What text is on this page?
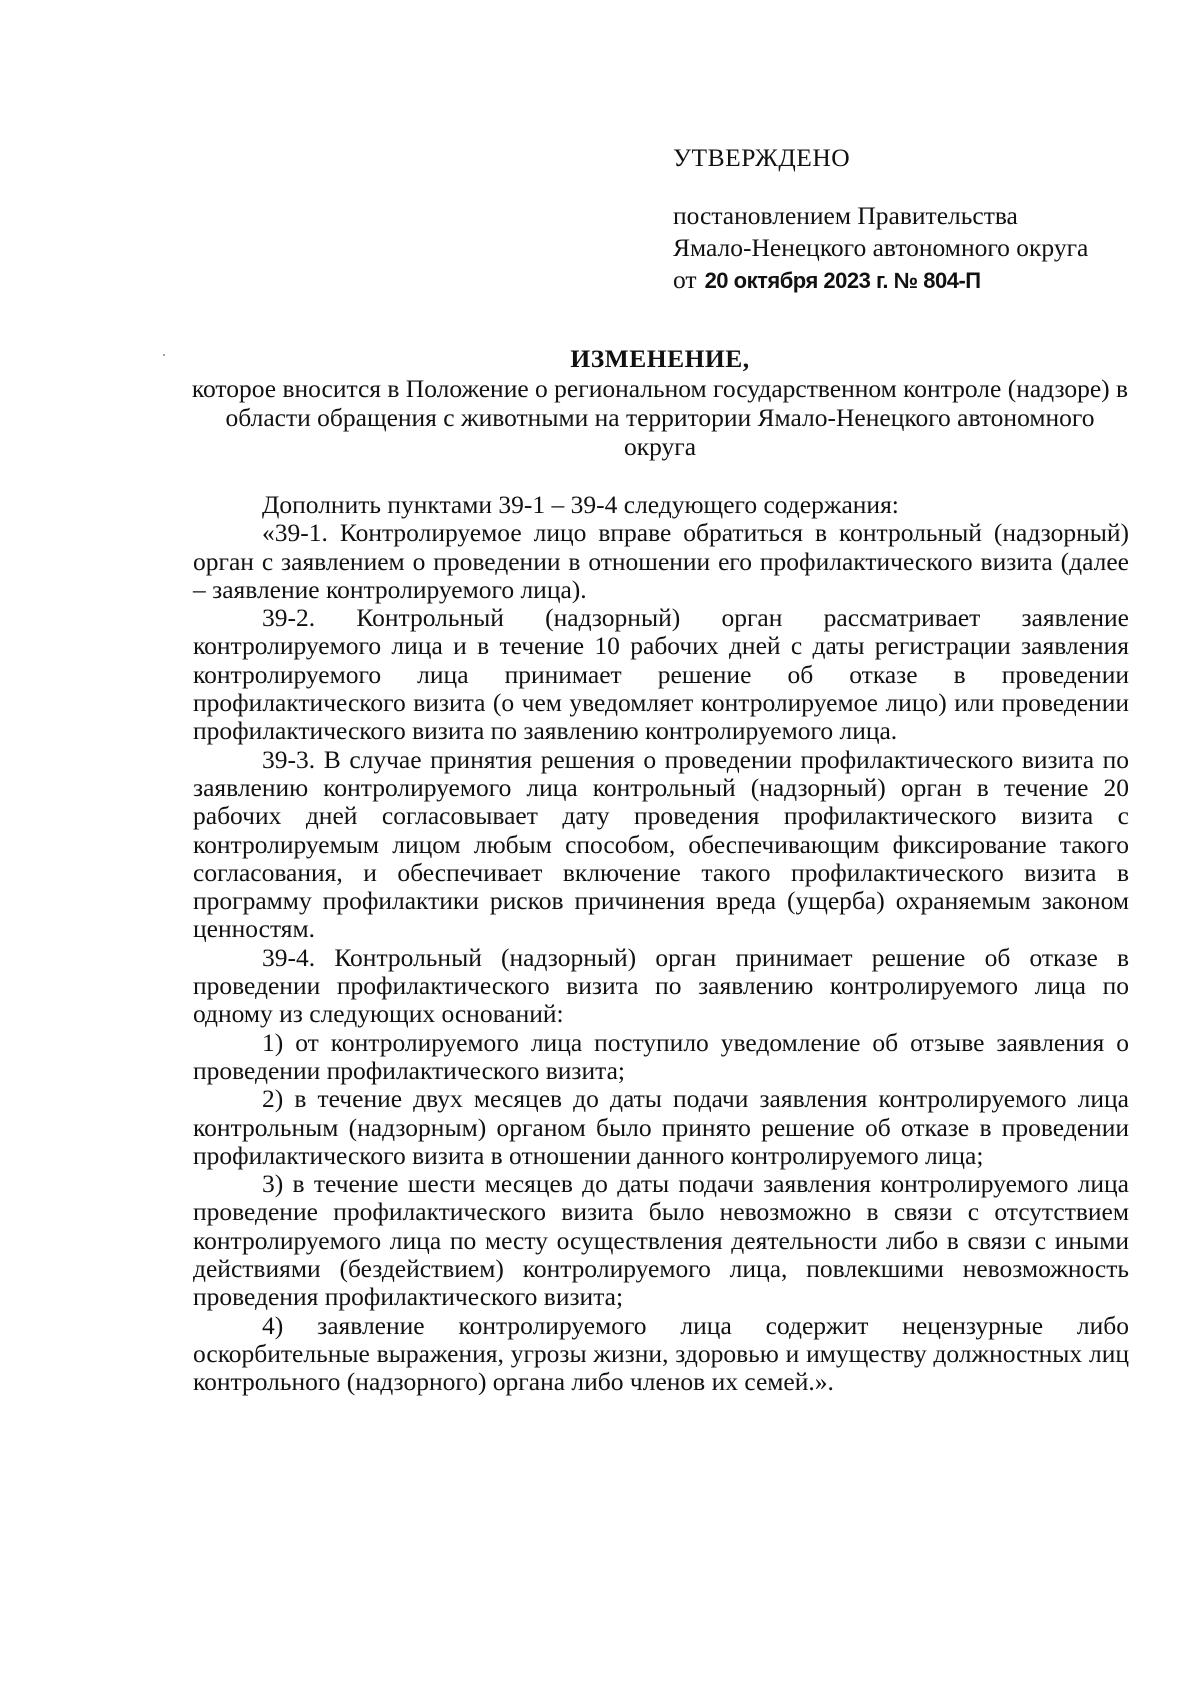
УТВЕРЖДЕНО
постановлением Правительства
Ямало-Ненецкого автономного округа
от 20 октября 2023 г. № 804-П
ИЗМЕНЕНИЕ,
которое вносится в Положение о региональном государственном контроле (надзоре) в области обращения с животными на территории Ямало-Ненецкого автономного округа

Дополнить пунктами 39-1 – 39-4 следующего содержания:

«39-1. Контролируемое лицо вправе обратиться в контрольный (надзорный) орган с заявлением о проведении в отношении его профилактического визита (далее – заявление контролируемого лица).

39-2. Контрольный (надзорный) орган рассматривает заявление контролируемого лица и в течение 10 рабочих дней с даты регистрации заявления контролируемого лица принимает решение об отказе в проведении профилактического визита (о чем уведомляет контролируемое лицо) или проведении профилактического визита по заявлению контролируемого лица.

39-3. В случае принятия решения о проведении профилактического визита по заявлению контролируемого лица контрольный (надзорный) орган в течение 20 рабочих дней согласовывает дату проведения профилактического визита с контролируемым лицом любым способом, обеспечивающим фиксирование такого согласования, и обеспечивает включение такого профилактического визита в программу профилактики рисков причинения вреда (ущерба) охраняемым законом ценностям.

39-4. Контрольный (надзорный) орган принимает решение об отказе в проведении профилактического визита по заявлению контролируемого лица по одному из следующих оснований:

1) от контролируемого лица поступило уведомление об отзыве заявления о проведении профилактического визита;

2) в течение двух месяцев до даты подачи заявления контролируемого лица контрольным (надзорным) органом было принято решение об отказе в проведении профилактического визита в отношении данного контролируемого лица;

3) в течение шести месяцев до даты подачи заявления контролируемого лица проведение профилактического визита было невозможно в связи с отсутствием контролируемого лица по месту осуществления деятельности либо в связи с иными действиями (бездействием) контролируемого лица, повлекшими невозможность проведения профилактического визита;

4) заявление контролируемого лица содержит нецензурные либо оскорбительные выражения, угрозы жизни, здоровью и имуществу должностных лиц контрольного (надзорного) органа либо членов их семей.».
